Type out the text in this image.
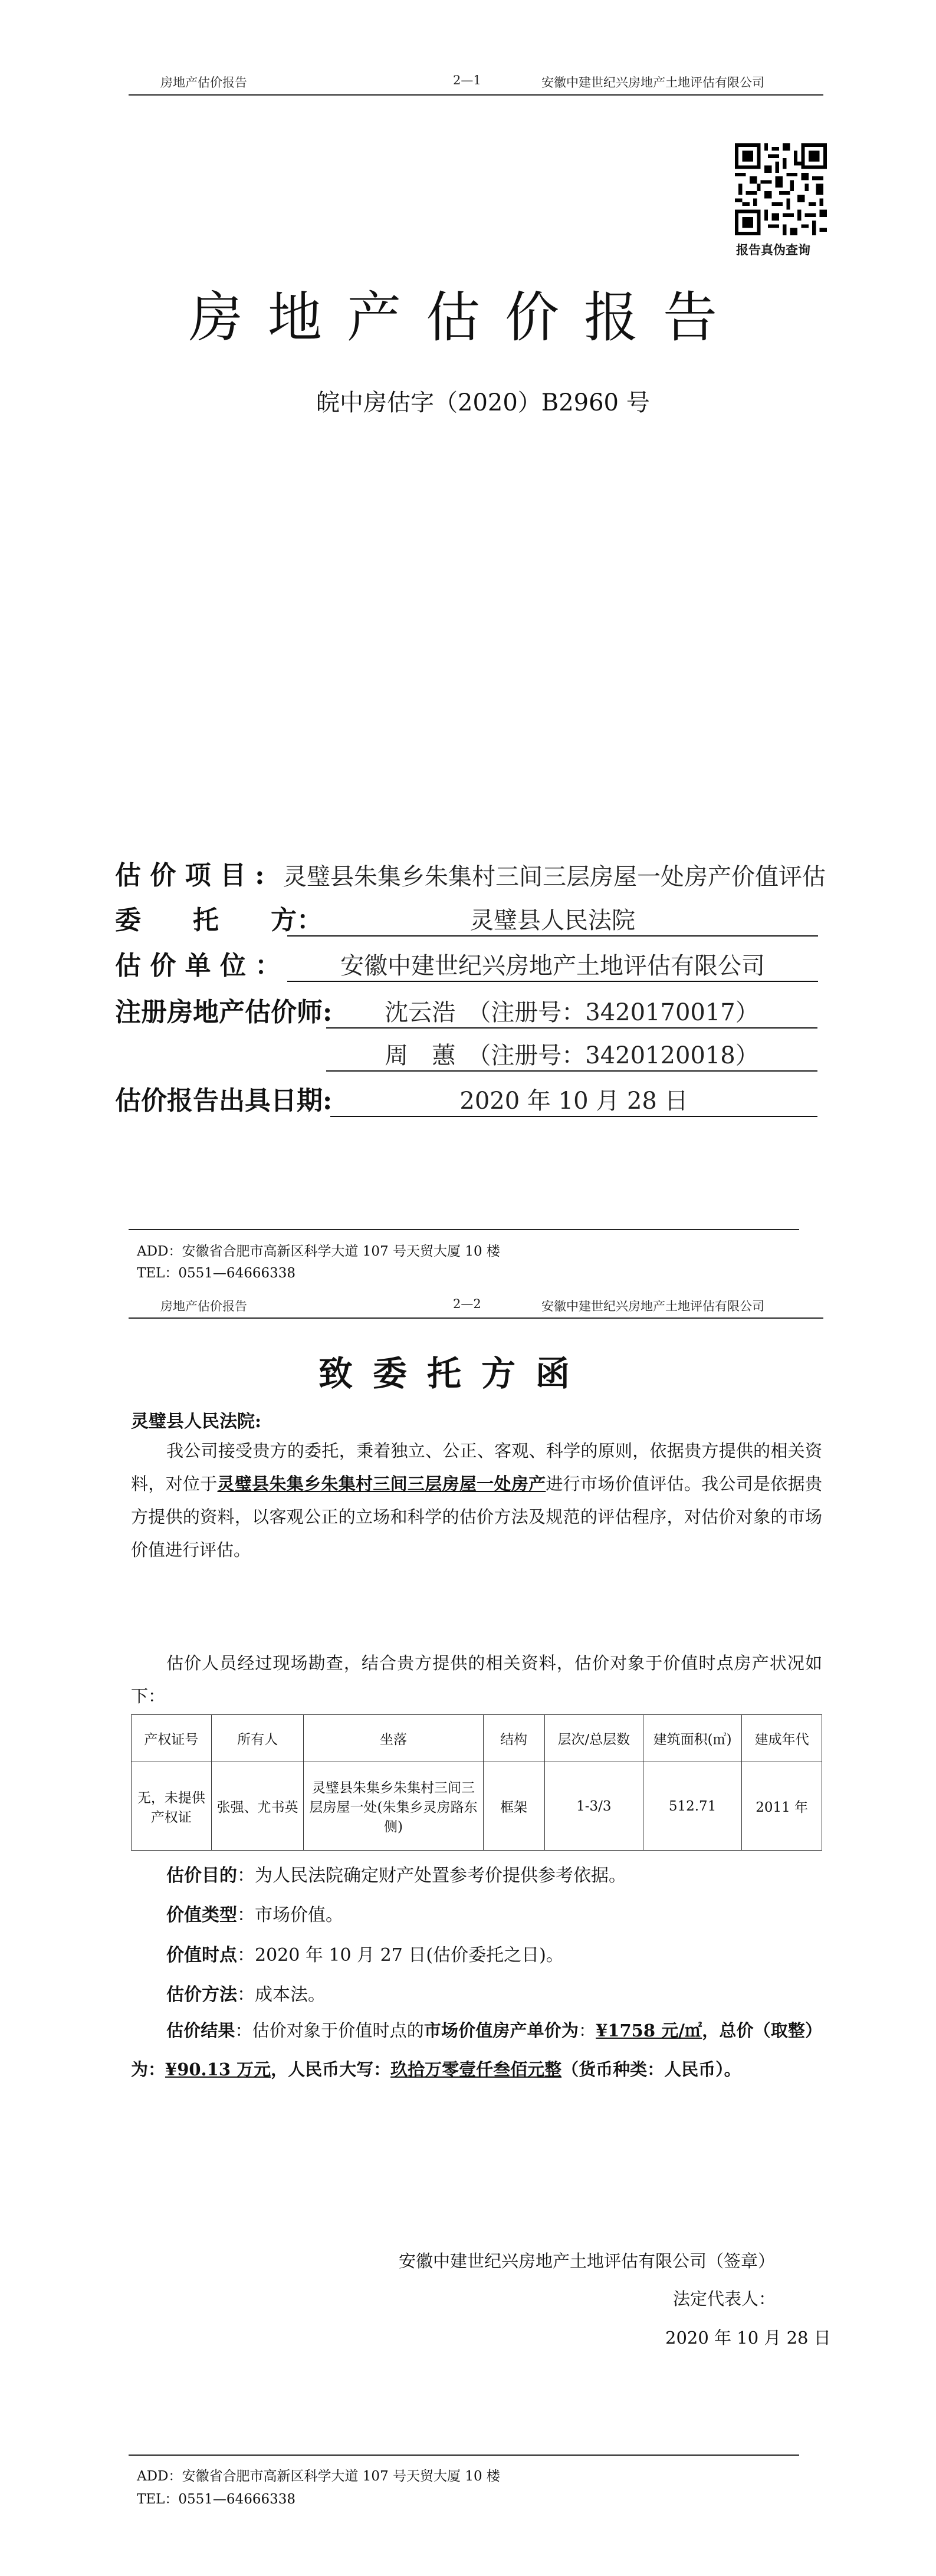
房地产估价报告	2—1	安徽中建世纪兴房地产土地评估有限公司
报告真伪查询
房地产估价报告
皖中房估字（2020）B2960 号
估 价 项 目 : 灵璧县朱集乡朱集村三间三层房屋一处房产价值评估
委　　托　　方：	灵璧县人民法院
估 价 单 位 ：	安徽中建世纪兴房地产土地评估有限公司
注册房地产估价师:	沈云浩　（注册号：3420170017）
周　蕙　（注册号：3420120018）
估价报告出具日期:	2020 年 10 月 28 日
ADD：安徽省合肥市高新区科学大道 107 号天贸大厦 10 楼
TEL：0551—64666338
房地产估价报告	2—2	安徽中建世纪兴房地产土地评估有限公司
致委托方函
灵璧县人民法院:
我公司接受贵方的委托，秉着独立、公正、客观、科学的原则，依据贵方提供的相关资料，对位于灵璧县朱集乡朱集村三间三层房屋一处房产进行市场价值评估。我公司是依据贵方提供的资料，以客观公正的立场和科学的估价方法及规范的评估程序，对估价对象的市场价值进行评估。
估价人员经过现场勘查，结合贵方提供的相关资料，估价对象于价值时点房产状况如下：
产权证号	所有人	坐落	结构	层次/总层数	建筑面积(㎡)	建成年代
无，未提供产权证	张强、尤书英	灵璧县朱集乡朱集村三间三层房屋一处(朱集乡灵房路东侧)	框架	1-3/3	512.71	2011 年
估价目的：为人民法院确定财产处置参考价提供参考依据。
价值类型：市场价值。
价值时点：2020 年 10 月 27 日(估价委托之日)。
估价方法：成本法。
估价结果：估价对象于价值时点的市场价值房产单价为：¥1758 元/㎡，总价（取整）为：¥90.13 万元，人民币大写：玖拾万零壹仟叁佰元整（货币种类：人民币）。
安徽中建世纪兴房地产土地评估有限公司（签章）
法定代表人：
2020 年 10 月 28 日
ADD：安徽省合肥市高新区科学大道 107 号天贸大厦 10 楼
TEL：0551—64666338
